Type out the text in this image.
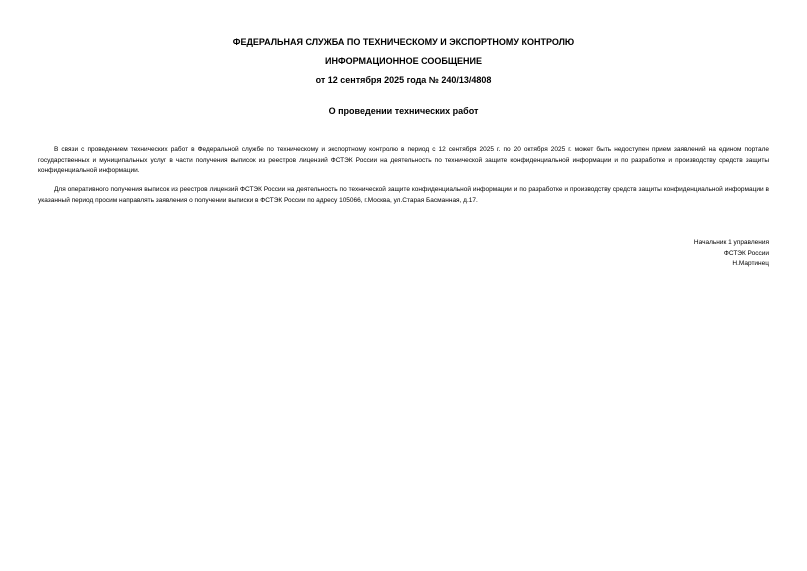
ФЕДЕРАЛЬНАЯ СЛУЖБА ПО ТЕХНИЧЕСКОМУ И ЭКСПОРТНОМУ КОНТРОЛЮ
ИНФОРМАЦИОННОЕ СООБЩЕНИЕ
от 12 сентября 2025 года № 240/13/4808
О проведении технических работ

В связи с проведением технических работ в Федеральной службе по техническому и экспортному контролю в период с 12 сентября 2025 г. по 20 октября 2025 г. может быть недоступен прием заявлений на едином портале государственных и муниципальных услуг в части получения выписок из реестров лицензий ФСТЭК России на деятельность по технической защите конфиденциальной информации и по разработке и производству средств защиты конфиденциальной информации.

Для оперативного получения выписок из реестров лицензий ФСТЭК России на деятельность по технической защите конфиденциальной информации и по разработке и производству средств защиты конфиденциальной информации в указанный период просим направлять заявления о получении выписки в ФСТЭК России по адресу 105066, г.Москва, ул.Старая Басманная, д.17.

Начальник 1 управления
ФСТЭК России
Н.Мартинец
